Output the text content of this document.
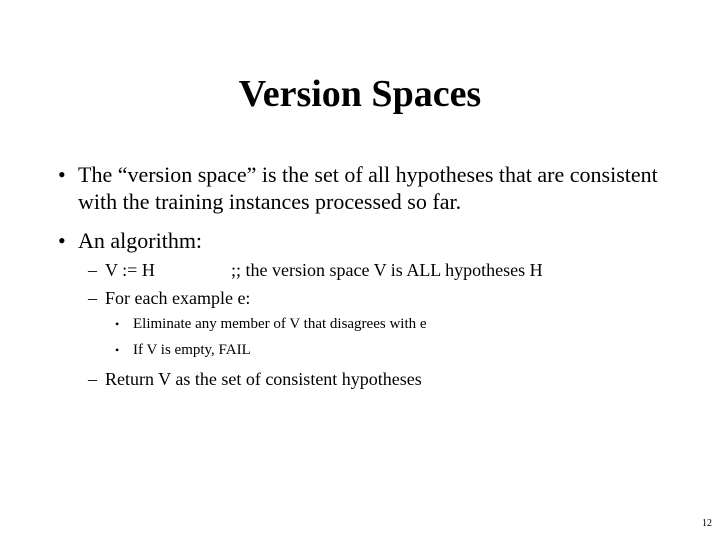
Version Spaces
• The “version space” is the set of all hypotheses that are consistent with the training instances processed so far.
• An algorithm:
– V := H	;; the version space V is ALL hypotheses H
– For each example e:
• Eliminate any member of V that disagrees with e
• If V is empty, FAIL
– Return V as the set of consistent hypotheses
12
